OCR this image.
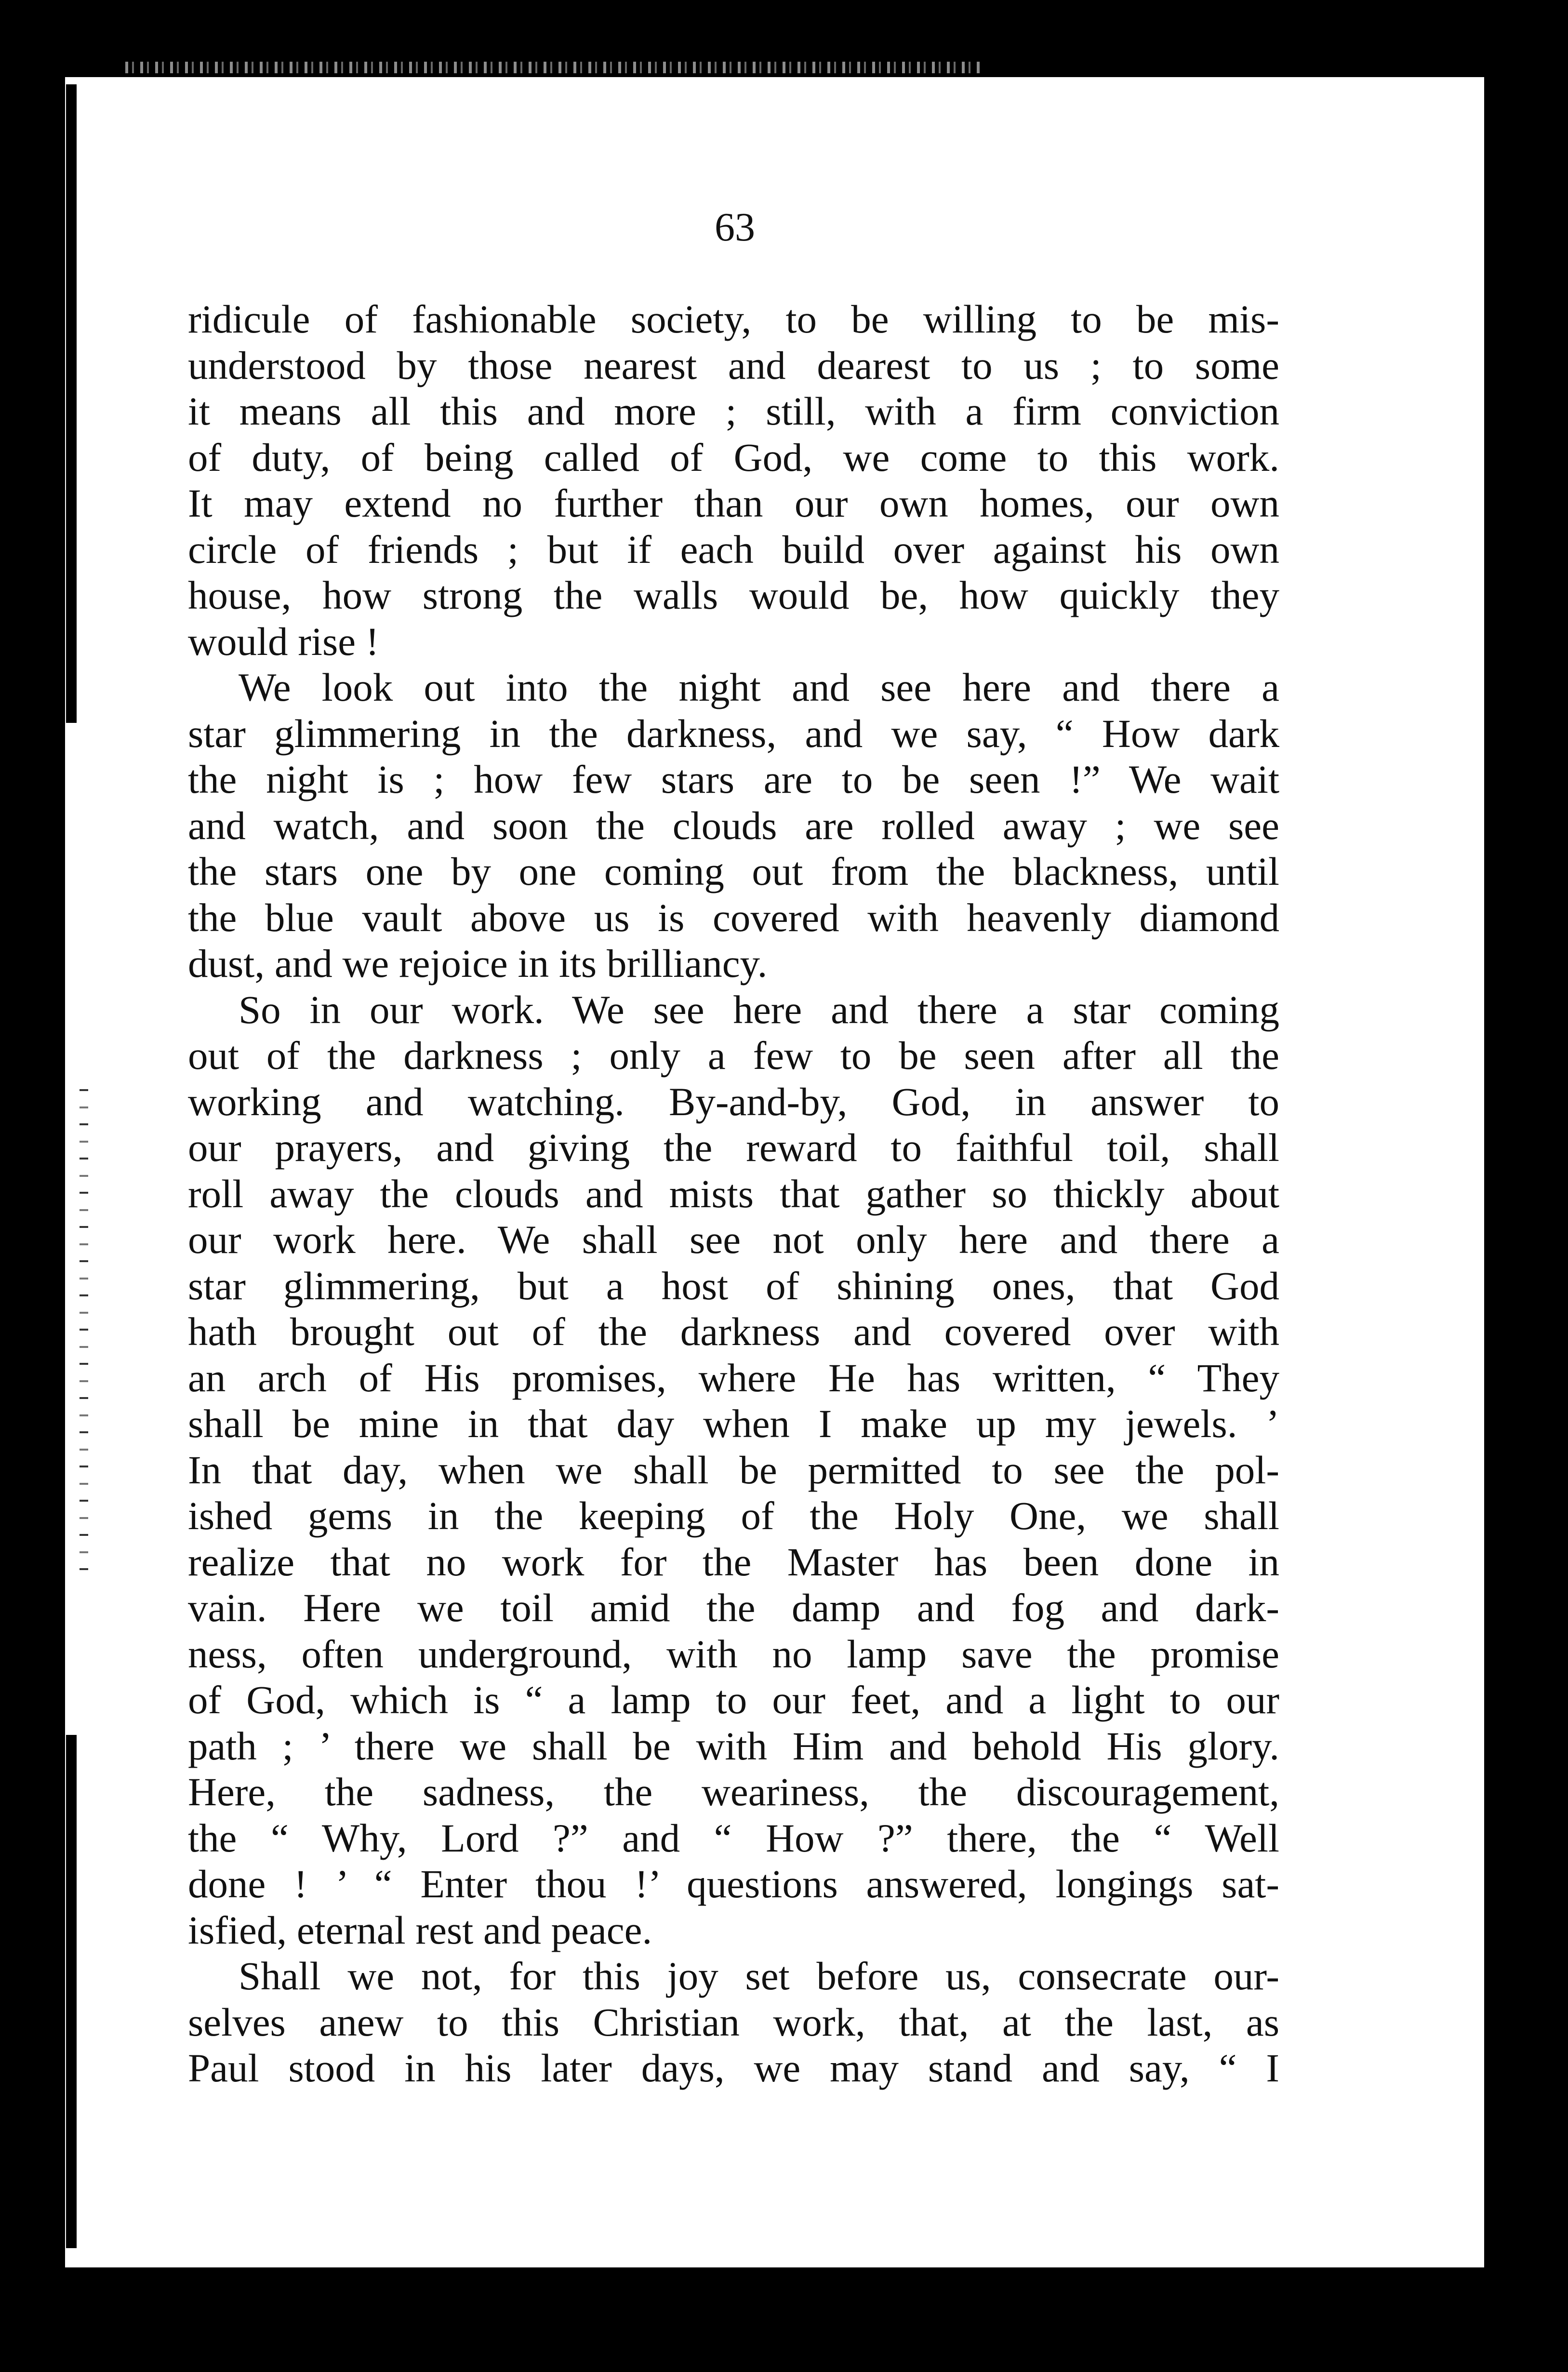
63
ridicule of fashionable society, to be willing to be mis-
understood by those nearest and dearest to us ; to some
it means all this and more ; still, with a firm conviction
of duty, of being called of God, we come to this work.
It may extend no further than our own homes, our own
circle of friends ; but if each build over against his own
house, how strong the walls would be, how quickly they
would rise !
We look out into the night and see here and there a
star glimmering in the darkness, and we say, “ How dark
the night is ; how few stars are to be seen !” We wait
and watch, and soon the clouds are rolled away ; we see
the stars one by one coming out from the blackness, until
the blue vault above us is covered with heavenly diamond
dust, and we rejoice in its brilliancy.
So in our work. We see here and there a star coming
out of the darkness ; only a few to be seen after all the
working and watching. By-and-by, God, in answer to
our prayers, and giving the reward to faithful toil, shall
roll away the clouds and mists that gather so thickly about
our work here. We shall see not only here and there a
star glimmering, but a host of shining ones, that God
hath brought out of the darkness and covered over with
an arch of His promises, where He has written, “ They
shall be mine in that day when I make up my jewels. ’
In that day, when we shall be permitted to see the pol-
ished gems in the keeping of the Holy One, we shall
realize that no work for the Master has been done in
vain. Here we toil amid the damp and fog and dark-
ness, often underground, with no lamp save the promise
of God, which is “ a lamp to our feet, and a light to our
path ; ’ there we shall be with Him and behold His glory.
Here, the sadness, the weariness, the discouragement,
the “ Why, Lord ?” and “ How ?” there, the “ Well
done ! ’ “ Enter thou !’ questions answered, longings sat-
isfied, eternal rest and peace.
Shall we not, for this joy set before us, consecrate our-
selves anew to this Christian work, that, at the last, as
Paul stood in his later days, we may stand and say, “ I
